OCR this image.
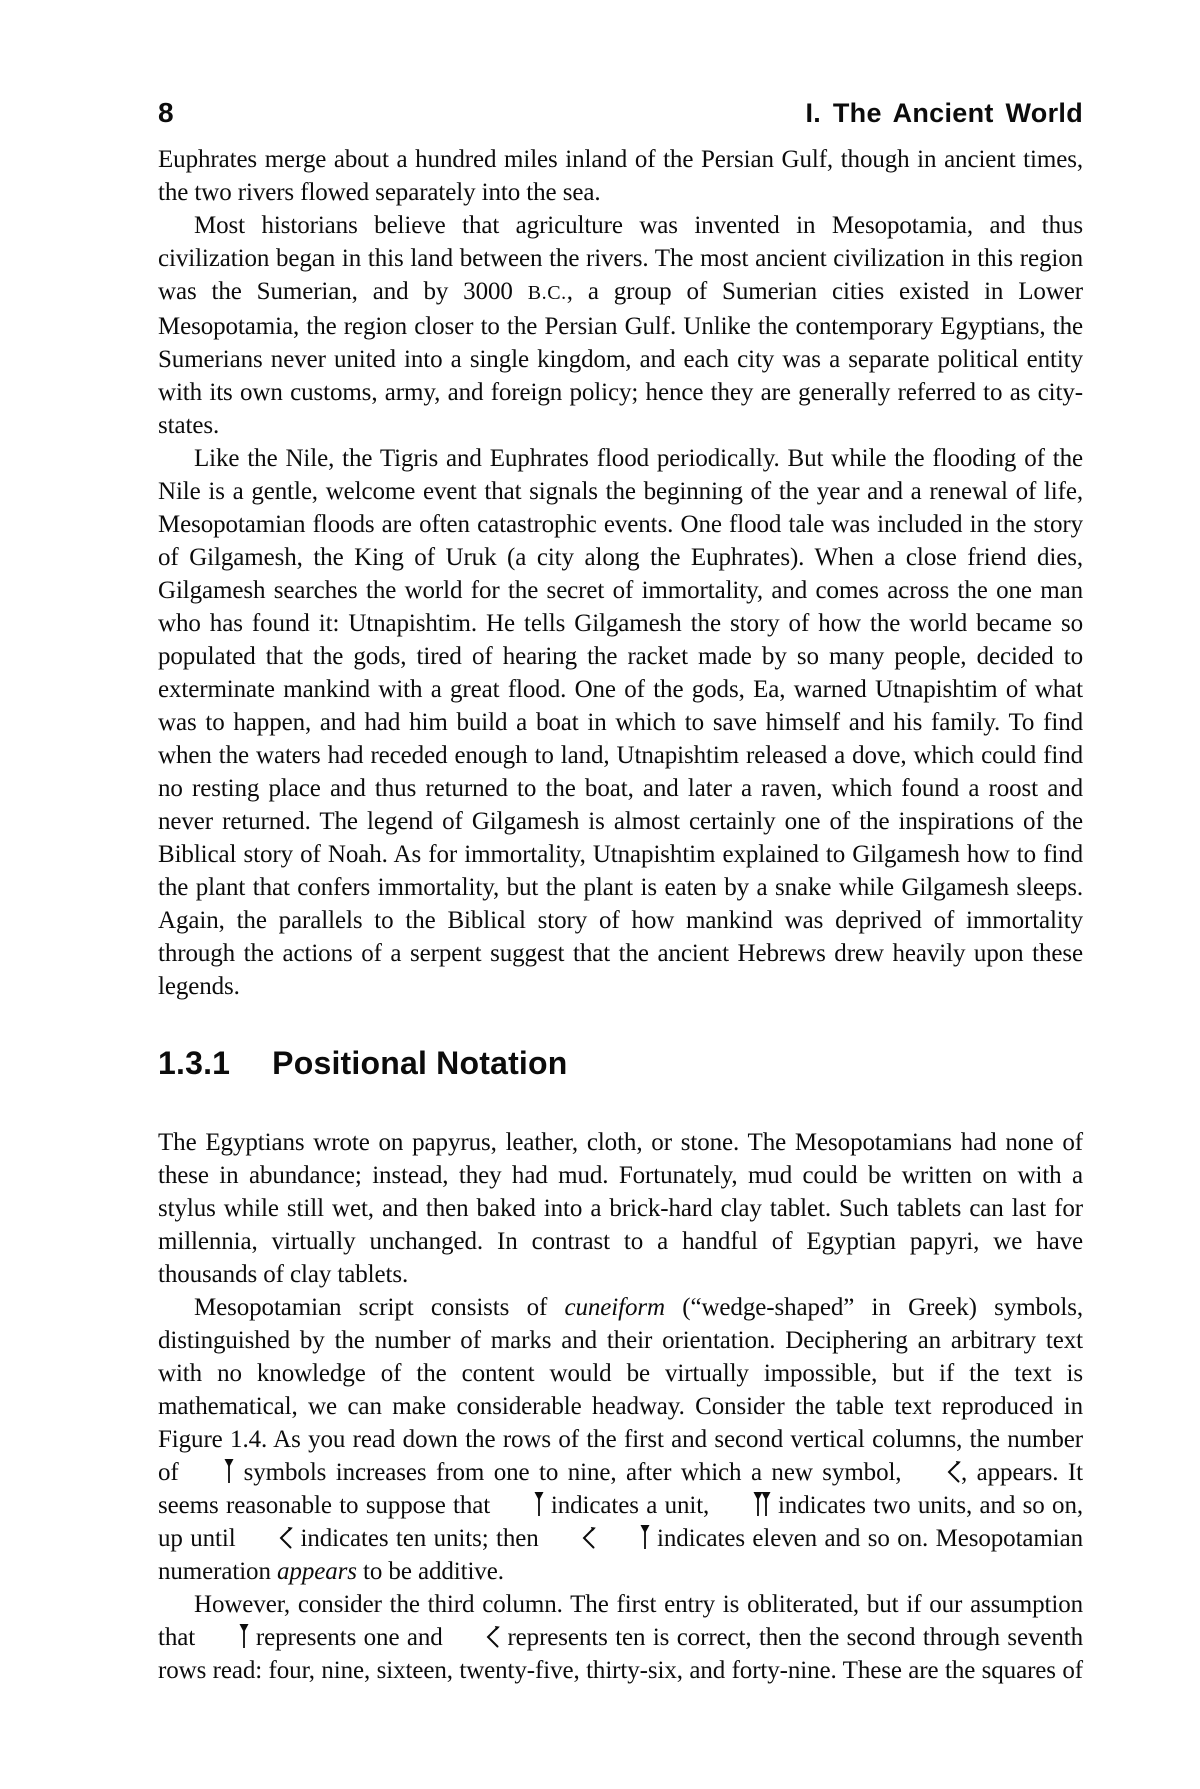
8	I. The Ancient World

Euphrates merge about a hundred miles inland of the Persian Gulf, though in ancient times, the two rivers flowed separately into the sea.

Most historians believe that agriculture was invented in Mesopotamia, and thus civilization began in this land between the rivers. The most ancient civilization in this region was the Sumerian, and by 3000 B.C., a group of Sumerian cities existed in Lower Mesopotamia, the region closer to the Persian Gulf. Unlike the contemporary Egyptians, the Sumerians never united into a single kingdom, and each city was a separate political entity with its own customs, army, and foreign policy; hence they are generally referred to as city-states.

Like the Nile, the Tigris and Euphrates flood periodically. But while the flooding of the Nile is a gentle, welcome event that signals the beginning of the year and a renewal of life, Mesopotamian floods are often catastrophic events. One flood tale was included in the story of Gilgamesh, the King of Uruk (a city along the Euphrates). When a close friend dies, Gilgamesh searches the world for the secret of immortality, and comes across the one man who has found it: Utnapishtim. He tells Gilgamesh the story of how the world became so populated that the gods, tired of hearing the racket made by so many people, decided to exterminate mankind with a great flood. One of the gods, Ea, warned Utnapishtim of what was to happen, and had him build a boat in which to save himself and his family. To find when the waters had receded enough to land, Utnapishtim released a dove, which could find no resting place and thus returned to the boat, and later a raven, which found a roost and never returned. The legend of Gilgamesh is almost certainly one of the inspirations of the Biblical story of Noah. As for immortality, Utnapishtim explained to Gilgamesh how to find the plant that confers immortality, but the plant is eaten by a snake while Gilgamesh sleeps. Again, the parallels to the Biblical story of how mankind was deprived of immortality through the actions of a serpent suggest that the ancient Hebrews drew heavily upon these legends.

1.3.1 Positional Notation

The Egyptians wrote on papyrus, leather, cloth, or stone. The Mesopotamians had none of these in abundance; instead, they had mud. Fortunately, mud could be written on with a stylus while still wet, and then baked into a brick-hard clay tablet. Such tablets can last for millennia, virtually unchanged. In contrast to a handful of Egyptian papyri, we have thousands of clay tablets.

Mesopotamian script consists of cuneiform (“wedge-shaped” in Greek) symbols, distinguished by the number of marks and their orientation. Deciphering an arbitrary text with no knowledge of the content would be virtually impossible, but if the text is mathematical, we can make considerable headway. Consider the table text reproduced in Figure 1.4. As you read down the rows of the first and second vertical columns, the number of  symbols increases from one to nine, after which a new symbol, , appears. It seems reasonable to suppose that  indicates a unit,  indicates two units, and so on, up until  indicates ten units; then	indicates eleven and so on. Mesopotamian numeration appears to be additive.

However, consider the third column. The first entry is obliterated, but if our assumption that  represents one and  represents ten is correct, then the second through seventh rows read: four, nine, sixteen, twenty-five, thirty-six, and forty-nine. These are the squares of
